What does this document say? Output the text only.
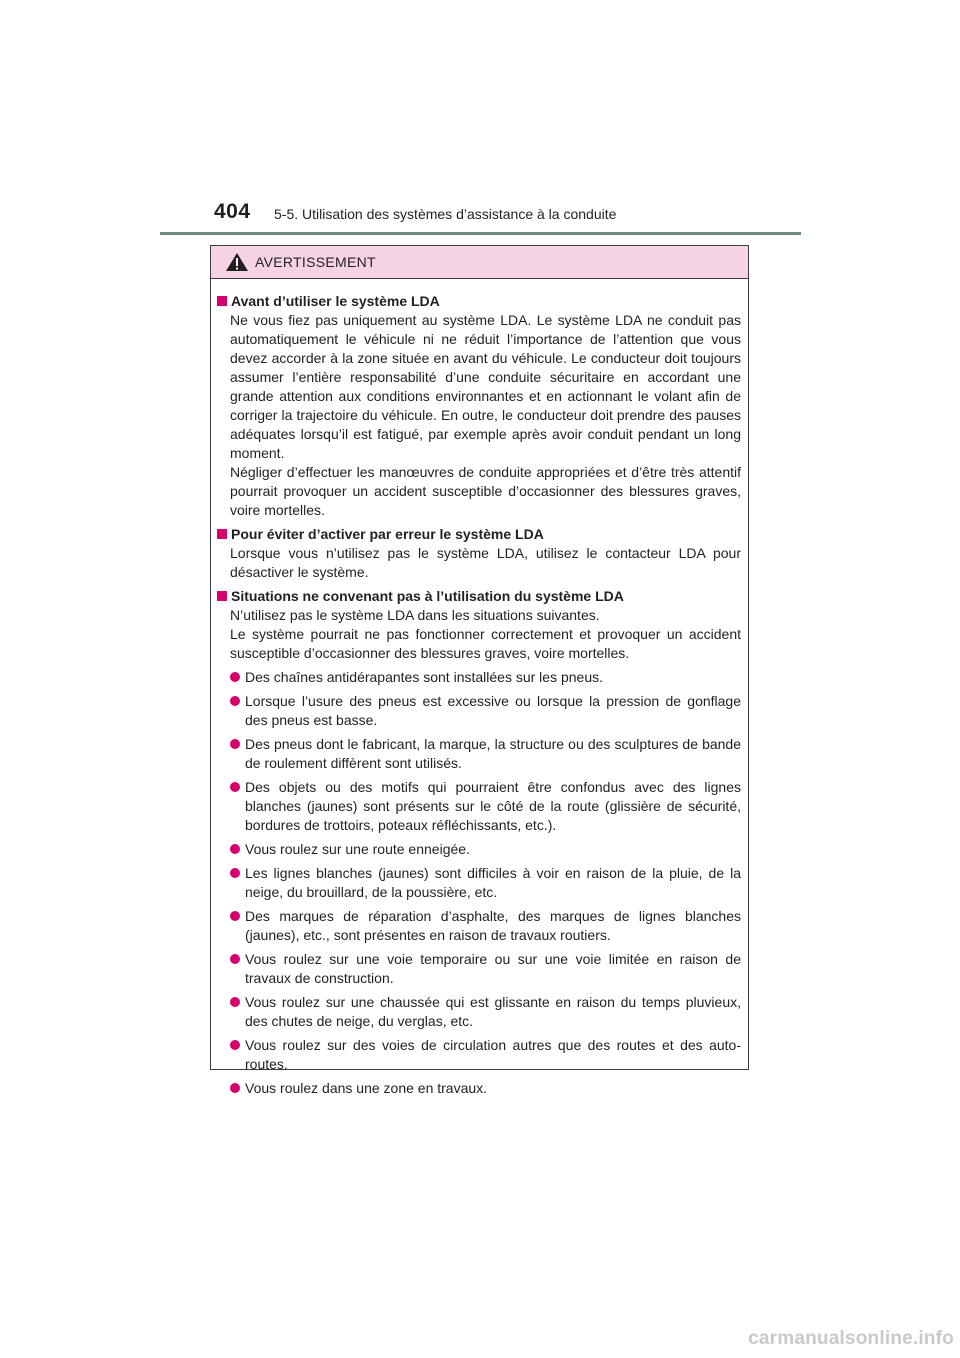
404 5-5. Utilisation des systèmes d’assistance à la conduite
AVERTISSEMENT
Avant d’utiliser le système LDA
Ne vous fiez pas uniquement au système LDA. Le système LDA ne conduit pas automatiquement le véhicule ni ne réduit l’importance de l’attention que vous devez accorder à la zone située en avant du véhicule. Le conducteur doit toujours assumer l’entière responsabilité d’une conduite sécuritaire en accordant une grande attention aux conditions environnantes et en actionnant le volant afin de corriger la trajectoire du véhicule. En outre, le conducteur doit prendre des pauses adéquates lorsqu’il est fatigué, par exemple après avoir conduit pendant un long moment.
Négliger d’effectuer les manœuvres de conduite appropriées et d’être très attentif pourrait provoquer un accident susceptible d’occasionner des blessures graves, voire mortelles.
Pour éviter d’activer par erreur le système LDA
Lorsque vous n’utilisez pas le système LDA, utilisez le contacteur LDA pour désactiver le système.
Situations ne convenant pas à l’utilisation du système LDA
N’utilisez pas le système LDA dans les situations suivantes.
Le système pourrait ne pas fonctionner correctement et provoquer un accident susceptible d’occasionner des blessures graves, voire mortelles.
Des chaînes antidérapantes sont installées sur les pneus.
Lorsque l’usure des pneus est excessive ou lorsque la pression de gonflage des pneus est basse.
Des pneus dont le fabricant, la marque, la structure ou des sculptures de bande de roulement diffèrent sont utilisés.
Des objets ou des motifs qui pourraient être confondus avec des lignes blanches (jaunes) sont présents sur le côté de la route (glissière de sécurité, bordures de trottoirs, poteaux réfléchissants, etc.).
Vous roulez sur une route enneigée.
Les lignes blanches (jaunes) sont difficiles à voir en raison de la pluie, de la neige, du brouillard, de la poussière, etc.
Des marques de réparation d’asphalte, des marques de lignes blanches (jaunes), etc., sont présentes en raison de travaux routiers.
Vous roulez sur une voie temporaire ou sur une voie limitée en raison de travaux de construction.
Vous roulez sur une chaussée qui est glissante en raison du temps pluvieux, des chutes de neige, du verglas, etc.
Vous roulez sur des voies de circulation autres que des routes et des autoroutes.
Vous roulez dans une zone en travaux.
carmanualsonline.info
